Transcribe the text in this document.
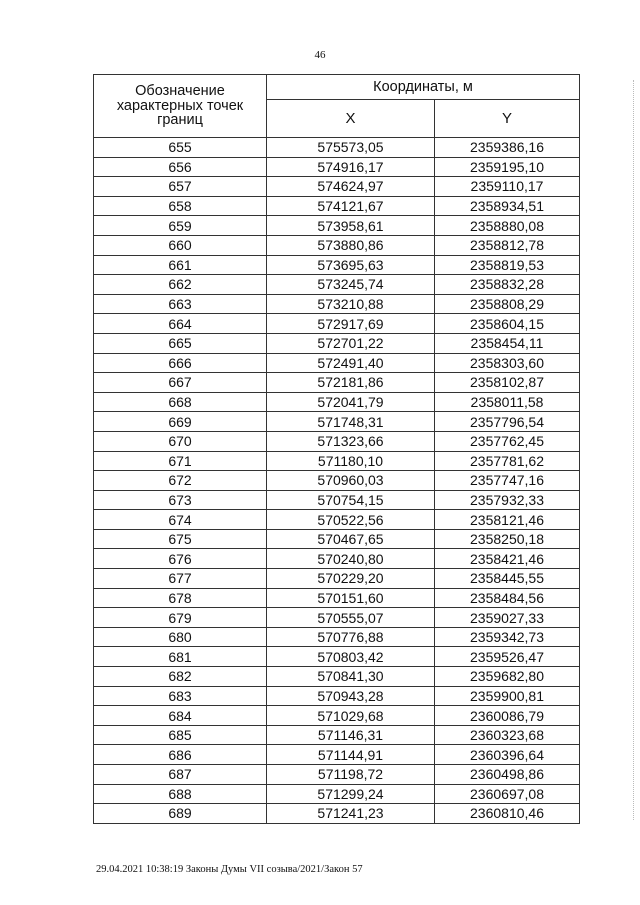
46
Обозначение характерных точек границ	Координаты, м	
	X	Y
655	575573,05	2359386,16
656	574916,17	2359195,10
657	574624,97	2359110,17
658	574121,67	2358934,51
659	573958,61	2358880,08
660	573880,86	2358812,78
661	573695,63	2358819,53
662	573245,74	2358832,28
663	573210,88	2358808,29
664	572917,69	2358604,15
665	572701,22	2358454,11
666	572491,40	2358303,60
667	572181,86	2358102,87
668	572041,79	2358011,58
669	571748,31	2357796,54
670	571323,66	2357762,45
671	571180,10	2357781,62
672	570960,03	2357747,16
673	570754,15	2357932,33
674	570522,56	2358121,46
675	570467,65	2358250,18
676	570240,80	2358421,46
677	570229,20	2358445,55
678	570151,60	2358484,56
679	570555,07	2359027,33
680	570776,88	2359342,73
681	570803,42	2359526,47
682	570841,30	2359682,80
683	570943,28	2359900,81
684	571029,68	2360086,79
685	571146,31	2360323,68
686	571144,91	2360396,64
687	571198,72	2360498,86
688	571299,24	2360697,08
689	571241,23	2360810,46
29.04.2021 10:38:19 Законы Думы VII созыва/2021/Закон 57
